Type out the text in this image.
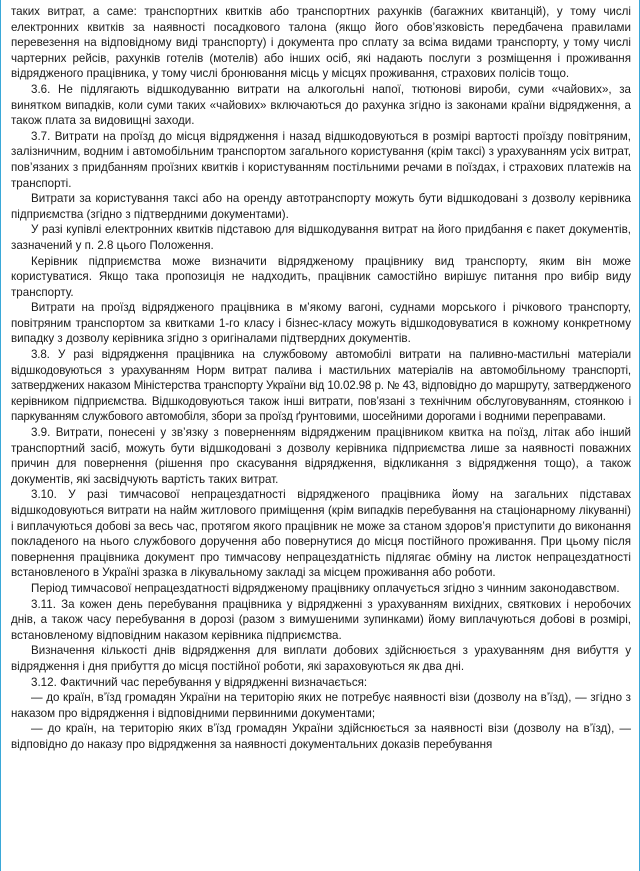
таких витрат, а саме: транспортних квитків або транспортних рахунків (багажних квитанцій), у тому числі електронних квитків за наявності посадкового талона (якщо його обов’язковість передбачена правилами перевезення на відповідному виді транспорту) і документа про сплату за всіма видами транспорту, у тому числі чартерних рейсів, рахунків готелів (мотелів) або інших осіб, які надають послуги з розміщення і проживання відрядженого працівника, у тому числі бронювання місць у місцях проживання, страхових полісів тощо.

3.6. Не підлягають відшкодуванню витрати на алкогольні напої, тютюнові вироби, суми «чайових», за винятком випадків, коли суми таких «чайових» включаються до рахунка згідно із законами країни відрядження, а також плата за видовищні заходи.

3.7. Витрати на проїзд до місця відрядження і назад відшкодовуються в розмірі вартості проїзду повітряним, залізничним, водним і автомобільним транспортом загального користування (крім таксі) з урахуванням усіх витрат, пов’язаних з придбанням проїзних квитків і користуванням постільними речами в поїздах, і страхових платежів на транспорті.

Витрати за користування таксі або на оренду автотранспорту можуть бути відшкодовані з дозволу керівника підприємства (згідно з підтвердними документами).

У разі купівлі електронних квитків підставою для відшкодування витрат на його придбання є пакет документів, зазначений у п. 2.8 цього Положення.

Керівник підприємства може визначити відрядженому працівнику вид транспорту, яким він може користуватися. Якщо така пропозиція не надходить, працівник самостійно вирішує питання про вибір виду транспорту.

Витрати на проїзд відрядженого працівника в м’якому вагоні, суднами морського і річкового транспорту, повітряним транспортом за квитками 1-го класу і бізнес-класу можуть відшкодовуватися в кожному конкретному випадку з дозволу керівника згідно з оригіналами підтвердних документів.

3.8. У разі відрядження працівника на службовому автомобілі витрати на паливно-мастильні матеріали відшкодовуються з урахуванням Норм витрат палива і мастильних матеріалів на автомобільному транспорті, затверджених наказом Міністерства транспорту України від 10.02.98 р. № 43, відповідно до маршруту, затвердженого керівником підприємства. Відшкодовуються також інші витрати, пов’язані з технічним обслуговуванням, стоянкою і паркуванням службового автомобіля, збори за проїзд ґрунтовими, шосейними дорогами і водними переправами.

3.9. Витрати, понесені у зв’язку з поверненням відрядженим працівником квитка на поїзд, літак або інший транспортний засіб, можуть бути відшкодовані з дозволу керівника підприємства лише за наявності поважних причин для повернення (рішення про скасування відрядження, відкликання з відрядження тощо), а також документів, які засвідчують вартість таких витрат.

3.10. У разі тимчасової непрацездатності відрядженого працівника йому на загальних підставах відшкодовуються витрати на найм житлового приміщення (крім випадків перебування на стаціонарному лікуванні) і виплачуються добові за весь час, протягом якого працівник не може за станом здоров’я приступити до виконання покладеного на нього службового доручення або повернутися до місця постійного проживання. При цьому після повернення працівника документ про тимчасову непрацездатність підлягає обміну на листок непрацездатності встановленого в Україні зразка в лікувальному закладі за місцем проживання або роботи.

Період тимчасової непрацездатності відрядженому працівнику оплачується згідно з чинним законодавством.

3.11. За кожен день перебування працівника у відрядженні з урахуванням вихідних, святкових і неробочих днів, а також часу перебування в дорозі (разом з вимушеними зупинками) йому виплачуються добові в розмірі, встановленому відповідним наказом керівника підприємства.

Визначення кількості днів відрядження для виплати добових здійснюється з урахуванням дня вибуття у відрядження і дня прибуття до місця постійної роботи, які зараховуються як два дні.

3.12. Фактичний час перебування у відрядженні визначається:

— до країн, в’їзд громадян України на територію яких не потребує наявності візи (дозволу на в’їзд), — згідно з наказом про відрядження і відповідними первинними документами;

— до країн, на територію яких в’їзд громадян України здійснюється за наявності візи (дозволу на в’їзд), — відповідно до наказу про відрядження за наявності документальних доказів перебування
